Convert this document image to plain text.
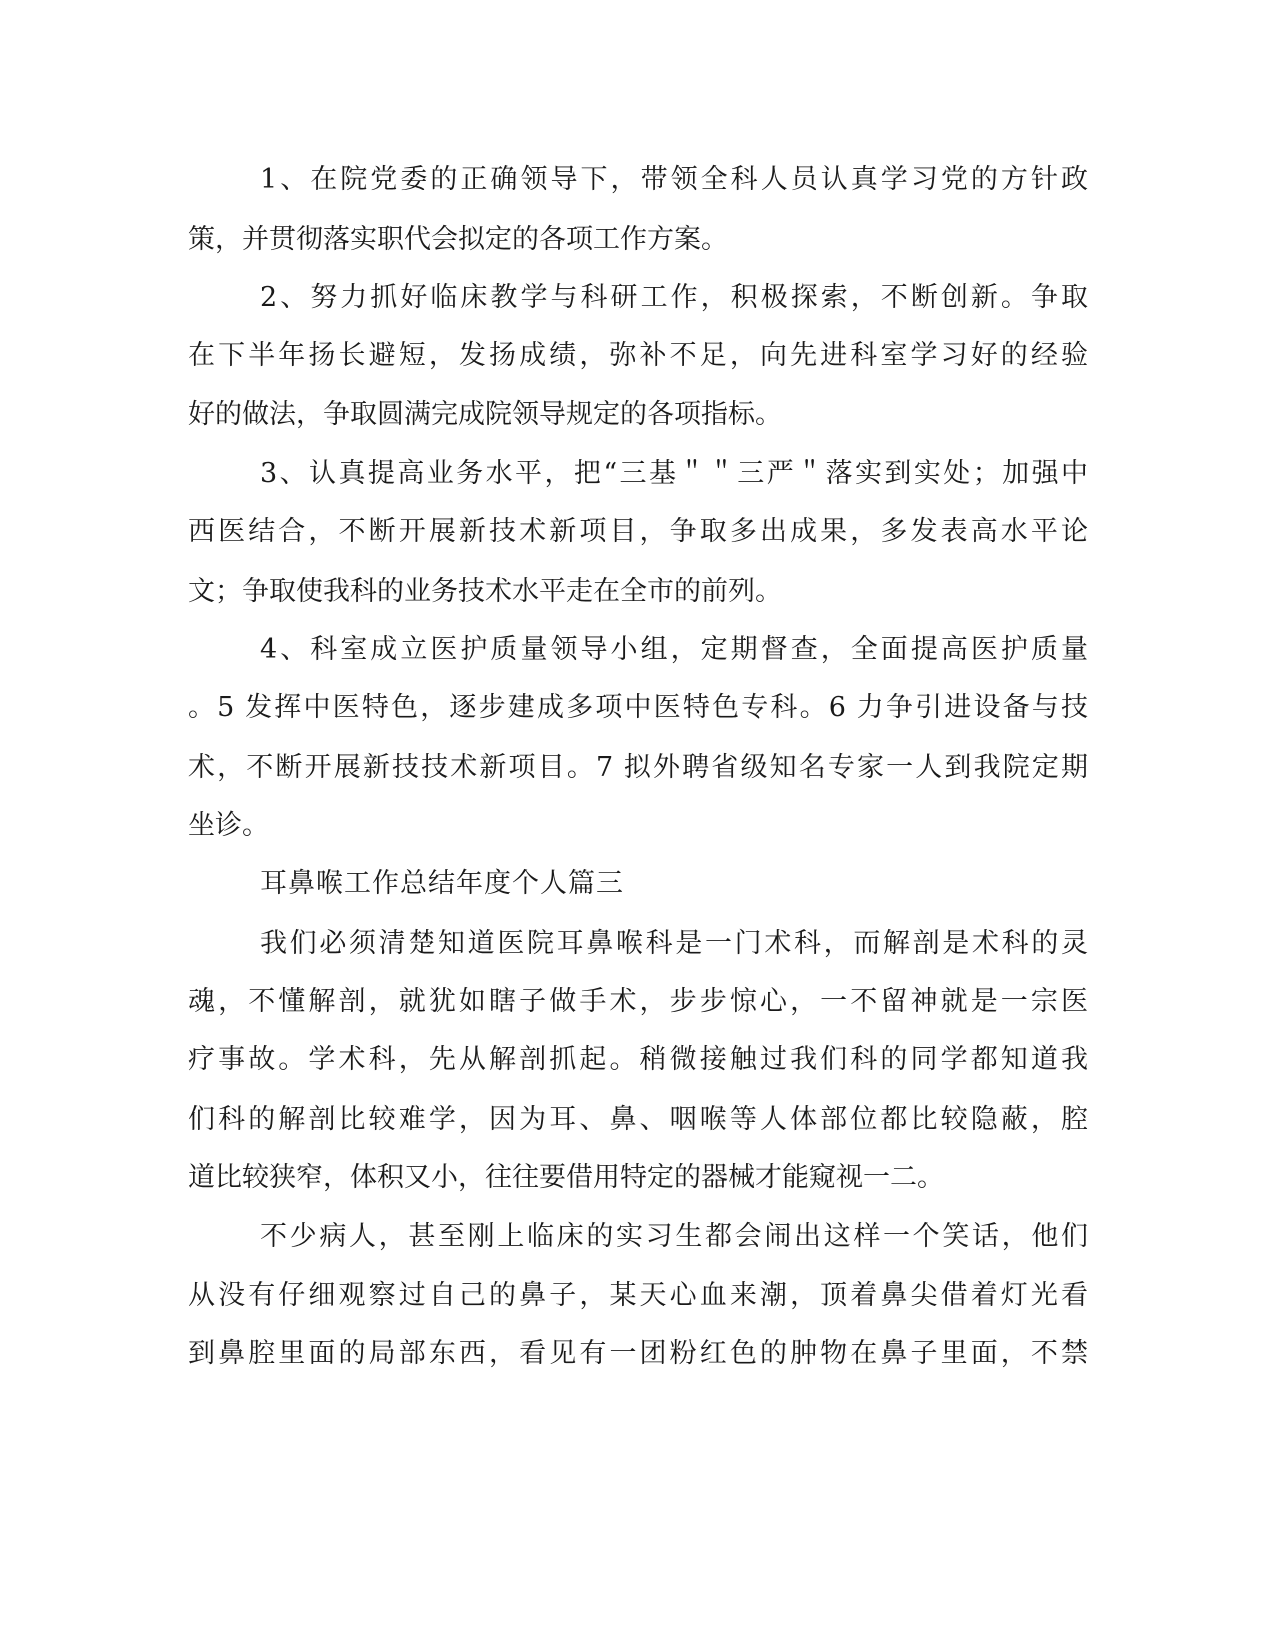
1、在院党委的正确领导下，带领全科人员认真学习党的方针政
策，并贯彻落实职代会拟定的各项工作方案。
2、努力抓好临床教学与科研工作，积极探索，不断创新。争取
在下半年扬长避短，发扬成绩，弥补不足，向先进科室学习好的经验
好的做法，争取圆满完成院领导规定的各项指标。
3、认真提高业务水平，把“三基＂＂三严＂落实到实处；加强中
西医结合，不断开展新技术新项目，争取多出成果，多发表高水平论
文；争取使我科的业务技术水平走在全市的前列。
4、科室成立医护质量领导小组，定期督查，全面提高医护质量
。5 发挥中医特色，逐步建成多项中医特色专科。6 力争引进设备与技
术，不断开展新技技术新项目。7 拟外聘省级知名专家一人到我院定期
坐诊。
耳鼻喉工作总结年度个人篇三
我们必须清楚知道医院耳鼻喉科是一门术科，而解剖是术科的灵
魂，不懂解剖，就犹如瞎子做手术，步步惊心，一不留神就是一宗医
疗事故。学术科，先从解剖抓起。稍微接触过我们科的同学都知道我
们科的解剖比较难学，因为耳、鼻、咽喉等人体部位都比较隐蔽，腔
道比较狭窄，体积又小，往往要借用特定的器械才能窥视一二。
不少病人，甚至刚上临床的实习生都会闹出这样一个笑话，他们
从没有仔细观察过自己的鼻子，某天心血来潮，顶着鼻尖借着灯光看
到鼻腔里面的局部东西，看见有一团粉红色的肿物在鼻子里面，不禁
